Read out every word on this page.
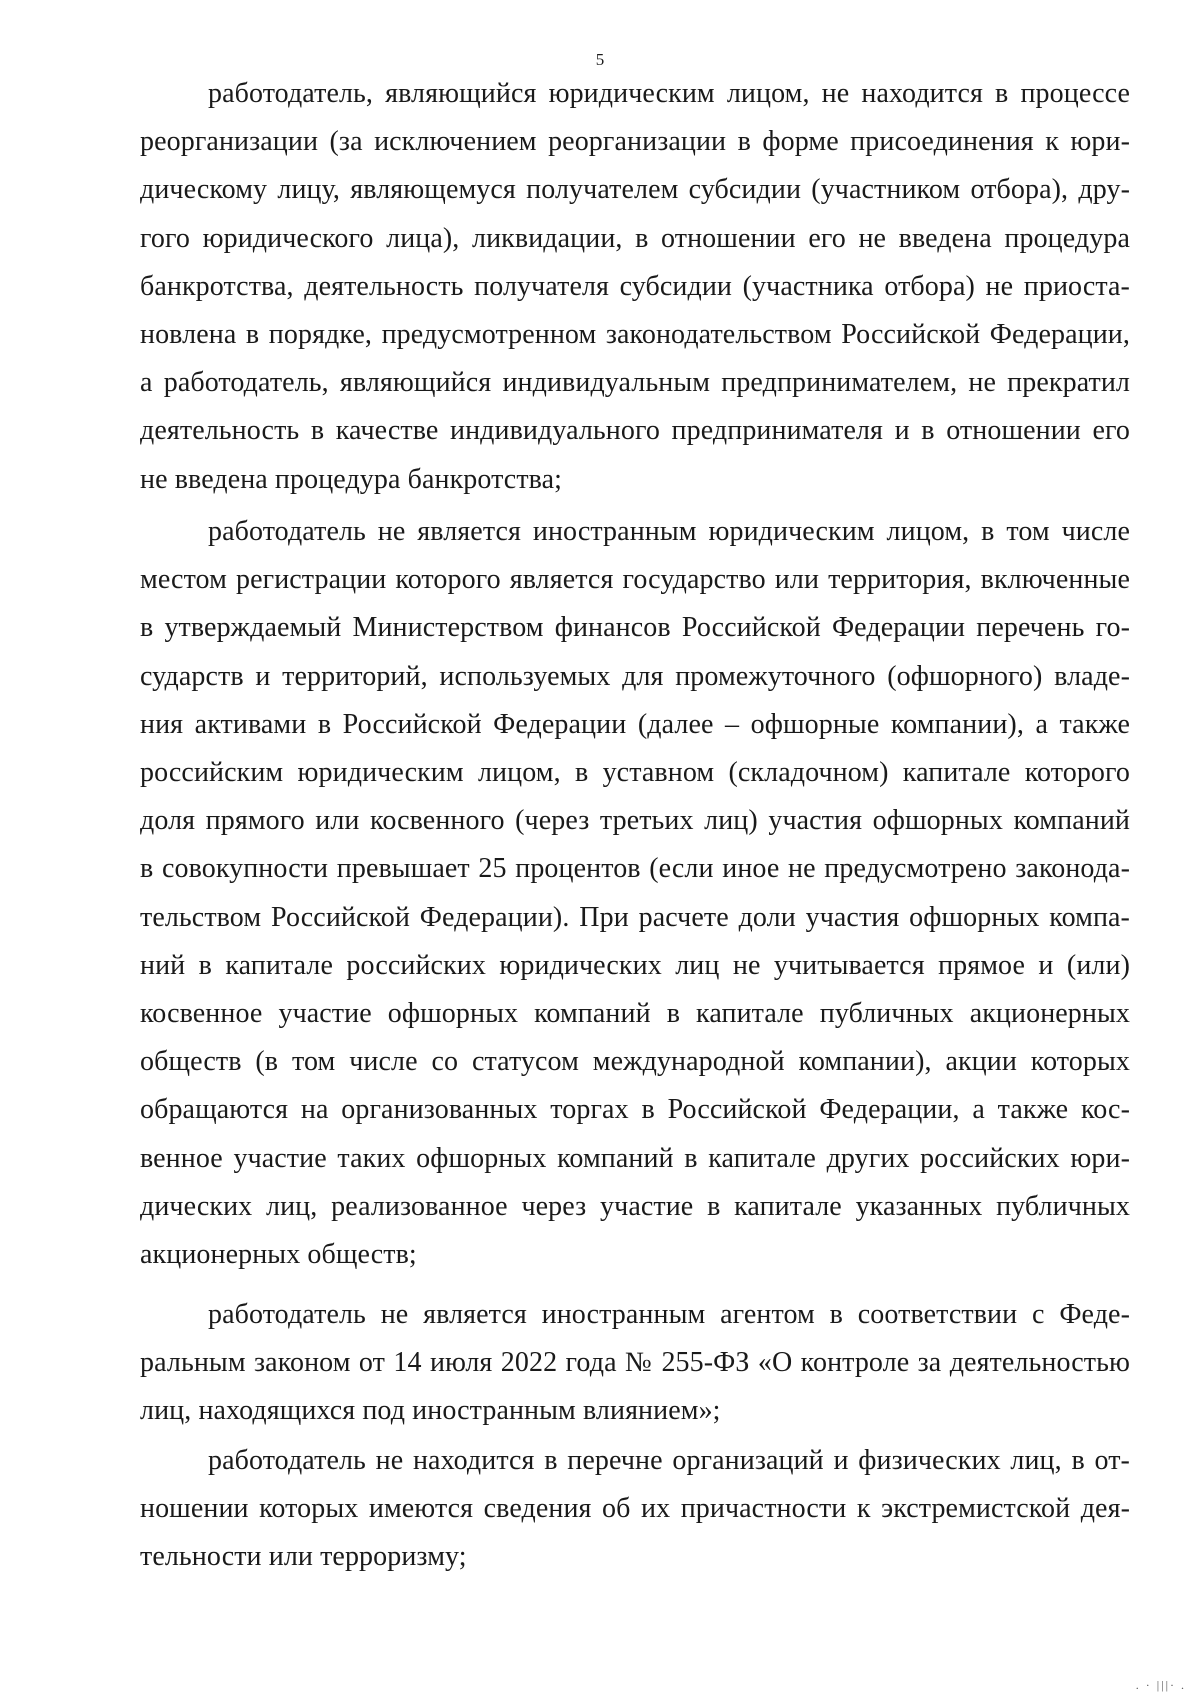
5
работодатель, являющийся юридическим лицом, не находится в процессе
реорганизации (за исключением реорганизации в форме присоединения к юри-
дическому лицу, являющемуся получателем субсидии (участником отбора), дру-
гого юридического лица), ликвидации, в отношении его не введена процедура
банкротства, деятельность получателя субсидии (участника отбора) не приоста-
новлена в порядке, предусмотренном законодательством Российской Федерации,
а работодатель, являющийся индивидуальным предпринимателем, не прекратил
деятельность в качестве индивидуального предпринимателя и в отношении его
не введена процедура банкротства;
работодатель не является иностранным юридическим лицом, в том числе
местом регистрации которого является государство или территория, включенные
в утверждаемый Министерством финансов Российской Федерации перечень го-
сударств и территорий, используемых для промежуточного (офшорного) владе-
ния активами в Российской Федерации (далее – офшорные компании), а также
российским юридическим лицом, в уставном (складочном) капитале которого
доля прямого или косвенного (через третьих лиц) участия офшорных компаний
в совокупности превышает 25 процентов (если иное не предусмотрено законода-
тельством Российской Федерации). При расчете доли участия офшорных компа-
ний в капитале российских юридических лиц не учитывается прямое и (или)
косвенное участие офшорных компаний в капитале публичных акционерных
обществ (в том числе со статусом международной компании), акции которых
обращаются на организованных торгах в Российской Федерации, а также кос-
венное участие таких офшорных компаний в капитале других российских юри-
дических лиц, реализованное через участие в капитале указанных публичных
акционерных обществ;
работодатель не является иностранным агентом в соответствии с Феде-
ральным законом от 14 июля 2022 года № 255-ФЗ «О контроле за деятельностью
лиц, находящихся под иностранным влиянием»;
работодатель не находится в перечне организаций и физических лиц, в от-
ношении которых имеются сведения об их причастности к экстремистской дея-
тельности или терроризму;
. · |||· .
